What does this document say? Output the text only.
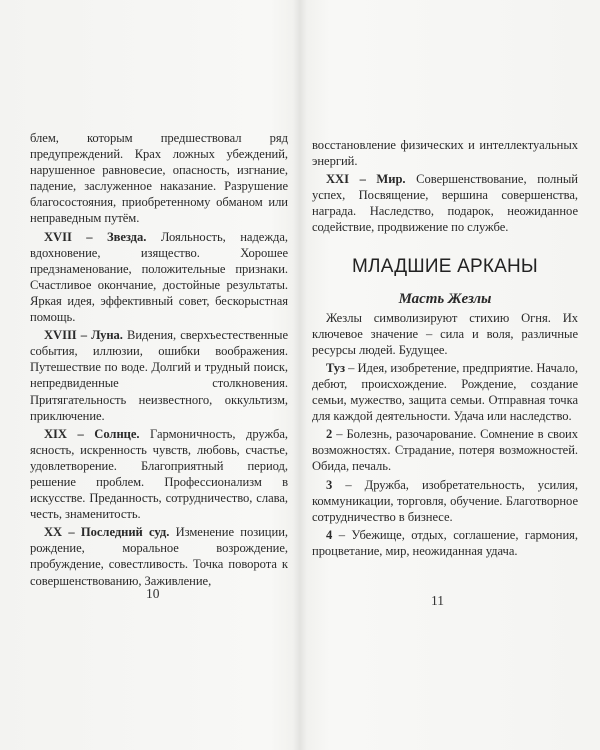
блем, которым предшествовал ряд предупреждений. Крах ложных убеждений, нарушенное равновесие, опасность, изгнание, падение, заслуженное наказание. Разрушение благосостояния, приобретенному обманом или неправедным путём.

XVII – Звезда. Лояльность, надежда, вдохновение, изящество. Хорошее предзнаменование, положительные признаки. Счастливое окончание, достойные результаты. Яркая идея, эффективный совет, бескорыстная помощь.

XVIII – Луна. Видения, сверхъестественные события, иллюзии, ошибки воображения. Путешествие по воде. Долгий и трудный поиск, непредвиденные столкновения. Притягательность неизвестного, оккультизм, приключение.

XIX – Солнце. Гармоничность, дружба, ясность, искренность чувств, любовь, счастье, удовлетворение. Благоприятный период, решение проблем. Профессионализм в искусстве. Преданность, сотрудничество, слава, честь, знаменитость.

XX – Последний суд. Изменение позиции, рождение, моральное возрождение, пробуждение, совестливость. Точка поворота к совершенствованию, Заживление,

10

восстановление физических и интеллектуальных энергий.

XXI – Мир. Совершенствование, полный успех, Посвящение, вершина совершенства, награда. Наследство, подарок, неожиданное содействие, продвижение по службе.

МЛАДШИЕ АРКАНЫ
Масть Жезлы

Жезлы символизируют стихию Огня. Их ключевое значение – сила и воля, различные ресурсы людей. Будущее.

Туз – Идея, изобретение, предприятие. Начало, дебют, происхождение. Рождение, создание семьи, мужество, защита семьи. Отправная точка для каждой деятельности. Удача или наследство.

2 – Болезнь, разочарование. Сомнение в своих возможностях. Страдание, потеря возможностей. Обида, печаль.

3 – Дружба, изобретательность, усилия, коммуникации, торговля, обучение. Благотворное сотрудничество в бизнесе.

4 – Убежище, отдых, соглашение, гармония, процветание, мир, неожиданная удача.

11
